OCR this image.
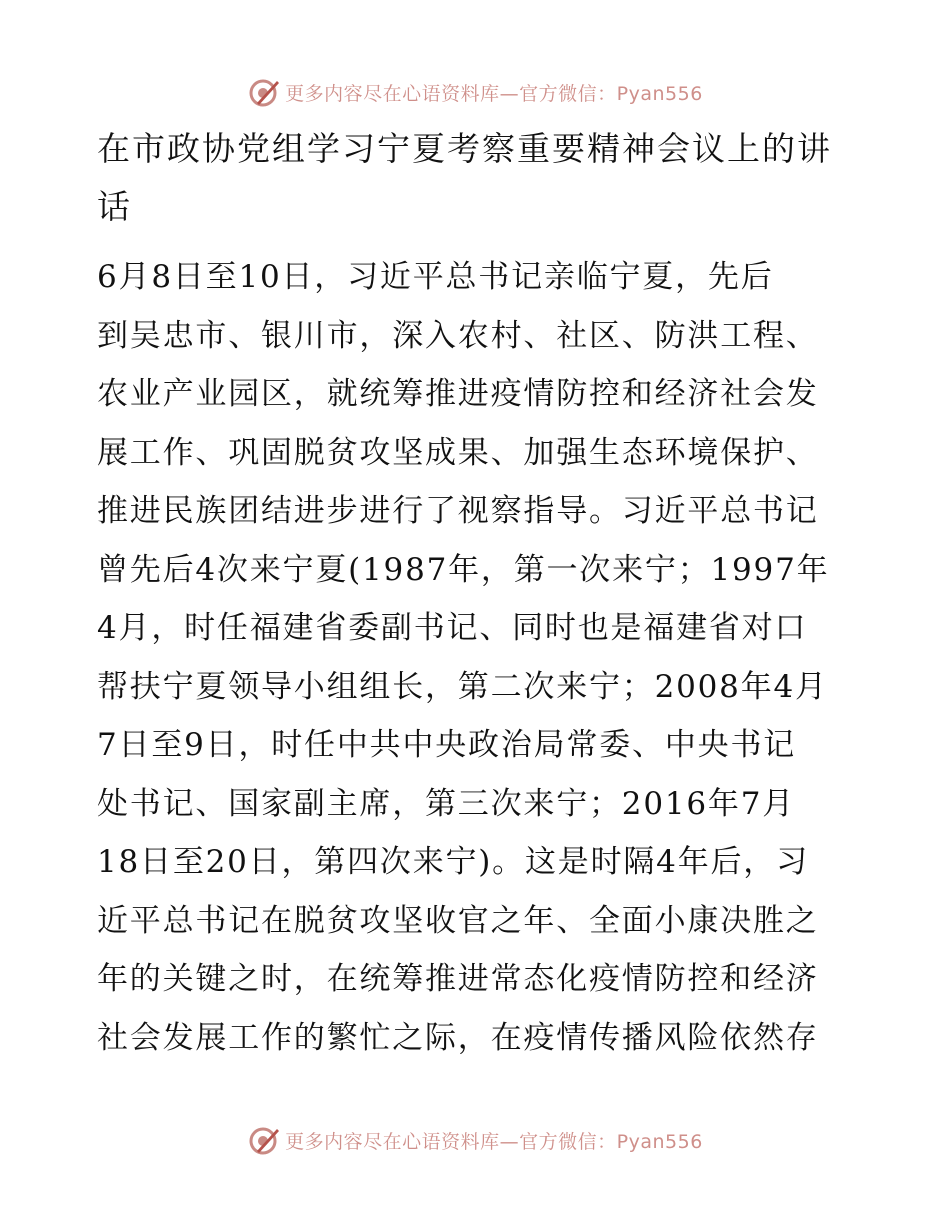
更多内容尽在心语资料库—官方微信：Pyan556
在市政协党组学习宁夏考察重要精神会议上的讲
话

6月8日至10日，习近平总书记亲临宁夏，先后
到吴忠市、银川市，深入农村、社区、防洪工程、
农业产业园区，就统筹推进疫情防控和经济社会发
展工作、巩固脱贫攻坚成果、加强生态环境保护、
推进民族团结进步进行了视察指导。习近平总书记
曾先后4次来宁夏(1987年，第一次来宁；1997年
4月，时任福建省委副书记、同时也是福建省对口
帮扶宁夏领导小组组长，第二次来宁；2008年4月
7日至9日，时任中共中央政治局常委、中央书记
处书记、国家副主席，第三次来宁；2016年7月
18日至20日，第四次来宁)。这是时隔4年后，习
近平总书记在脱贫攻坚收官之年、全面小康决胜之
年的关键之时，在统筹推进常态化疫情防控和经济
社会发展工作的繁忙之际，在疫情传播风险依然存

更多内容尽在心语资料库—官方微信：Pyan556
